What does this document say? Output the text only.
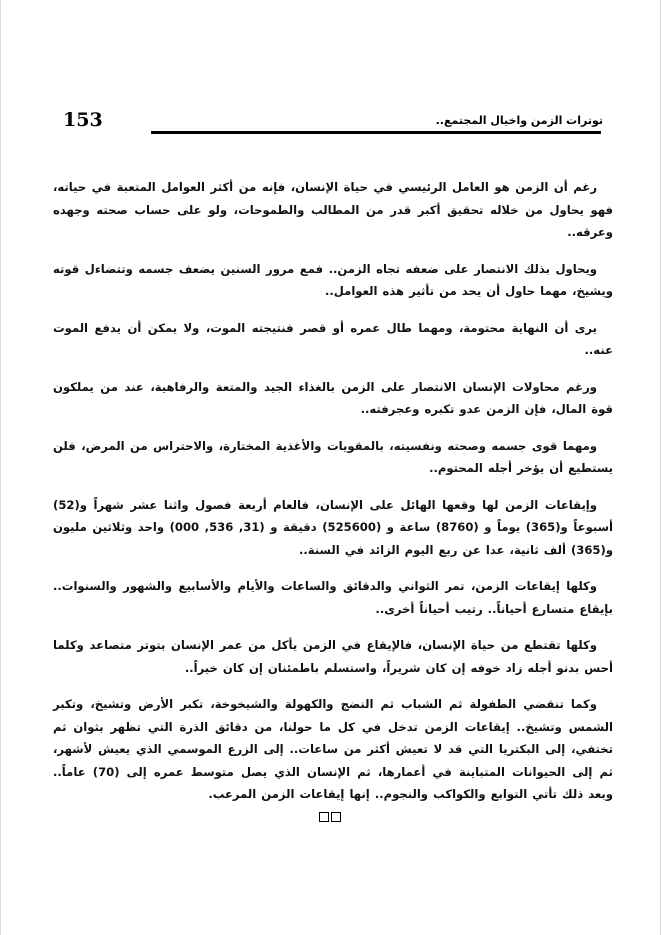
153	توترات الزمن واخيال المجتمع..

رغم أن الزمن هو العامل الرئيسي في حياة الإنسان، فإنه من أكثر العوامل المتعبة في حياته، فهو يحاول من خلاله تحقيق أكبر قدر من المطالب والطموحات، ولو على حساب صحته وجهده وعرقه..

ويحاول بذلك الانتصار على ضعفه تجاه الزمن.. فمع مرور السنين يضعف جسمه وتتضاءل قوته ويشيخ، مهما حاول أن يحد من تأثير هذه العوامل..

يرى أن النهاية محتومة، ومهما طال عمره أو قصر فنتيجته الموت، ولا يمكن أن يدفع الموت عنه..

ورغم محاولات الإنسان الانتصار على الزمن بالغذاء الجيد والمتعة والرفاهية، عند من يملكون قوة المال، فإن الزمن عدو تكبره وعجرفته..

ومهما قوى جسمه وصحته ونفسيته، بالمقويات والأغذية المختارة، والاحتراس من المرض، فلن يستطيع أن يؤخر أجله المحتوم..

وإيقاعات الزمن لها وقعها الهائل على الإنسان، فالعام أربعة فصول واثنا عشر شهراً و(52) أسبوعاً و(365) يوماً و (8760) ساعة و (525600) دقيقة و (31, 536, 000) واحد وثلاثين مليون و(365) ألف ثانية، عدا عن ربع اليوم الزائد في السنة..

وكلها إيقاعات الزمن، تمر الثواني والدقائق والساعات والأيام والأسابيع والشهور والسنوات.. بإيقاع متسارع أحياناً.. رتيب أحياناً أخرى..

وكلها تقتطع من حياة الإنسان، فالإيقاع في الزمن يأكل من عمر الإنسان بتوتر متصاعد وكلما أحس بدنو أجله زاد خوفه إن كان شريراً، واستسلم باطمئنان إن كان خيراً..

وكما تنقضي الطفولة ثم الشباب ثم النضج والكهولة والشيخوخة، تكبر الأرض وتشيخ، وتكبر الشمس وتشيخ.. إيقاعات الزمن تدخل في كل ما حولنا، من دقائق الذرة التي تظهر بثوان ثم تختفي، إلى البكتريا التي قد لا تعيش أكثر من ساعات.. إلى الزرع الموسمي الذي يعيش لأشهر، ثم إلى الحيوانات المتباينة في أعمارها، ثم الإنسان الذي يصل متوسط عمره إلى (70) عاماً.. وبعد ذلك تأتي التوابع والكواكب والنجوم.. إنها إيقاعات الزمن المرعب.
